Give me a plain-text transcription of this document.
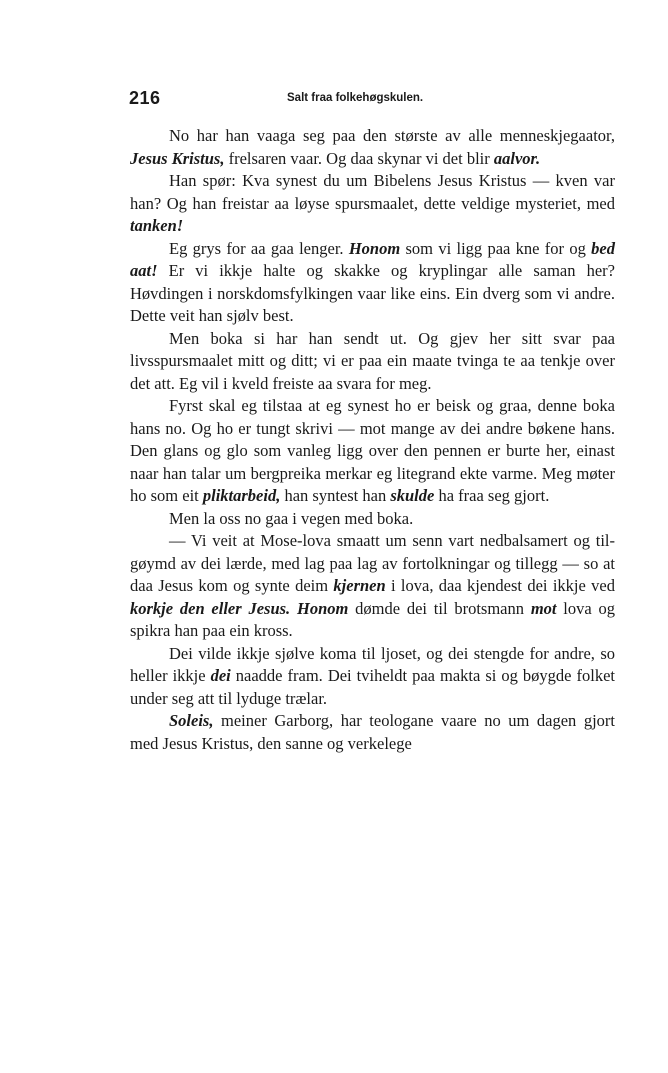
216	Salt fraa folkehøgskulen.

No har han vaaga seg paa den største av alle menneskjegaator, Jesus Kristus, frelsaren vaar. Og daa skynar vi det blir aalvor.

Han spør: Kva synest du um Bibelens Jesus Kristus — kven var han? Og han freistar aa løyse spursmaalet, dette veldige mysteriet, med tanken!

Eg grys for aa gaa lenger. Honom som vi ligg paa kne for og bed aat! Er vi ikkje halte og skakke og kryplingar alle saman her? Høvdingen i norskdomsfylkingen vaar like eins. Ein dverg som vi andre. Dette veit han sjølv best.

Men boka si har han sendt ut. Og gjev her sitt svar paa livsspursmaalet mitt og ditt; vi er paa ein maate tvinga te aa tenkje over det att. Eg vil i kveld freiste aa svara for meg.

Fyrst skal eg tilstaa at eg synest ho er beisk og graa, denne boka hans no. Og ho er tungt skrivi — mot mange av dei andre bøkene hans. Den glans og glo som vanleg ligg over den pennen er burte her, einast naar han talar um bergpreika merkar eg litegrand ekte varme. Meg møter ho som eit pliktarbeid, han syntest han skulde ha fraa seg gjort.

Men la oss no gaa i vegen med boka.

— Vi veit at Mose-lova smaatt um senn vart nedbalsamert og til-gøymd av dei lærde, med lag paa lag av fortolkningar og tillegg — so at daa Jesus kom og synte deim kjernen i lova, daa kjendest dei ikkje ved korkje den eller Jesus. Honom dømde dei til brotsmann mot lova og spikra han paa ein kross.

Dei vilde ikkje sjølve koma til ljoset, og dei stengde for andre, so heller ikkje dei naadde fram. Dei tviheldt paa makta si og bøygde folket under seg att til lyduge trælar.

Soleis, meiner Garborg, har teologane vaare no um dagen gjort med Jesus Kristus, den sanne og verkelege
